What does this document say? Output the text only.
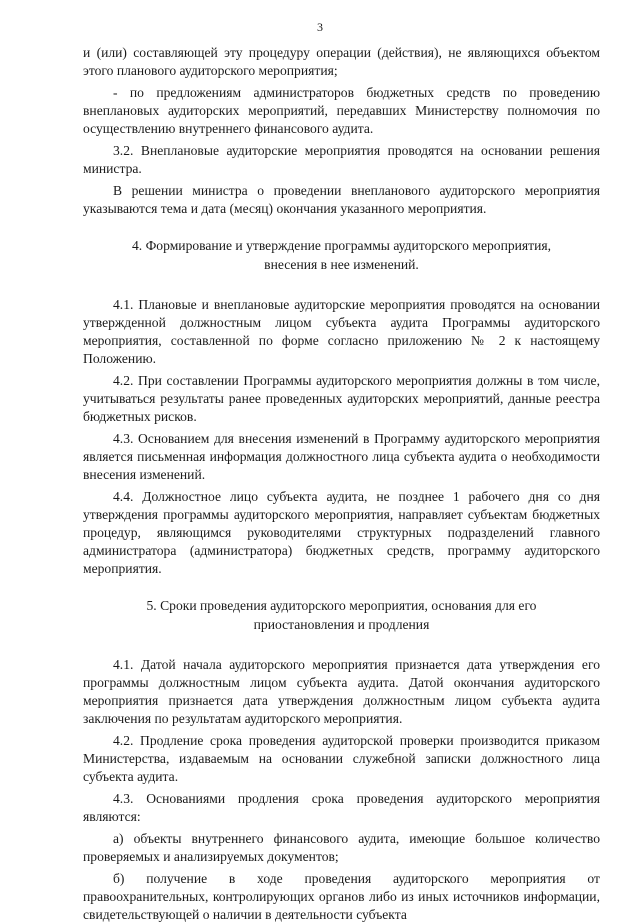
3

и (или) составляющей эту процедуру операции (действия), не являющихся объектом этого планового аудиторского мероприятия;

- по предложениям администраторов бюджетных средств по проведению внеплановых аудиторских мероприятий, передавших Министерству полномочия по осуществлению внутреннего финансового аудита.

3.2. Внеплановые аудиторские мероприятия проводятся на основании решения министра.

В решении министра о проведении внепланового аудиторского мероприятия указываются тема и дата (месяц) окончания указанного мероприятия.

4. Формирование и утверждение программы аудиторского мероприятия,
внесения в нее изменений.

4.1. Плановые и внеплановые аудиторские мероприятия проводятся на основании утвержденной должностным лицом субъекта аудита Программы аудиторского мероприятия, составленной по форме согласно приложению № 2 к настоящему Положению.

4.2. При составлении Программы аудиторского мероприятия должны в том числе, учитываться результаты ранее проведенных аудиторских мероприятий, данные реестра бюджетных рисков.

4.3. Основанием для внесения изменений в Программу аудиторского мероприятия является письменная информация должностного лица субъекта аудита о необходимости внесения изменений.

4.4. Должностное лицо субъекта аудита, не позднее 1 рабочего дня со дня утверждения программы аудиторского мероприятия, направляет субъектам бюджетных процедур, являющимся руководителями структурных подразделений главного администратора (администратора) бюджетных средств, программу аудиторского мероприятия.

5. Сроки проведения аудиторского мероприятия, основания для его
приостановления и продления

4.1. Датой начала аудиторского мероприятия признается дата утверждения его программы должностным лицом субъекта аудита. Датой окончания аудиторского мероприятия признается дата утверждения должностным лицом субъекта аудита заключения по результатам аудиторского мероприятия.

4.2. Продление срока проведения аудиторской проверки производится приказом Министерства, издаваемым на основании служебной записки должностного лица субъекта аудита.

4.3. Основаниями продления срока проведения аудиторского мероприятия являются:

а) объекты внутреннего финансового аудита, имеющие большое количество проверяемых и анализируемых документов;

б) получение в ходе проведения аудиторского мероприятия от правоохранительных, контролирующих органов либо из иных источников информации, свидетельствующей о наличии в деятельности субъекта
